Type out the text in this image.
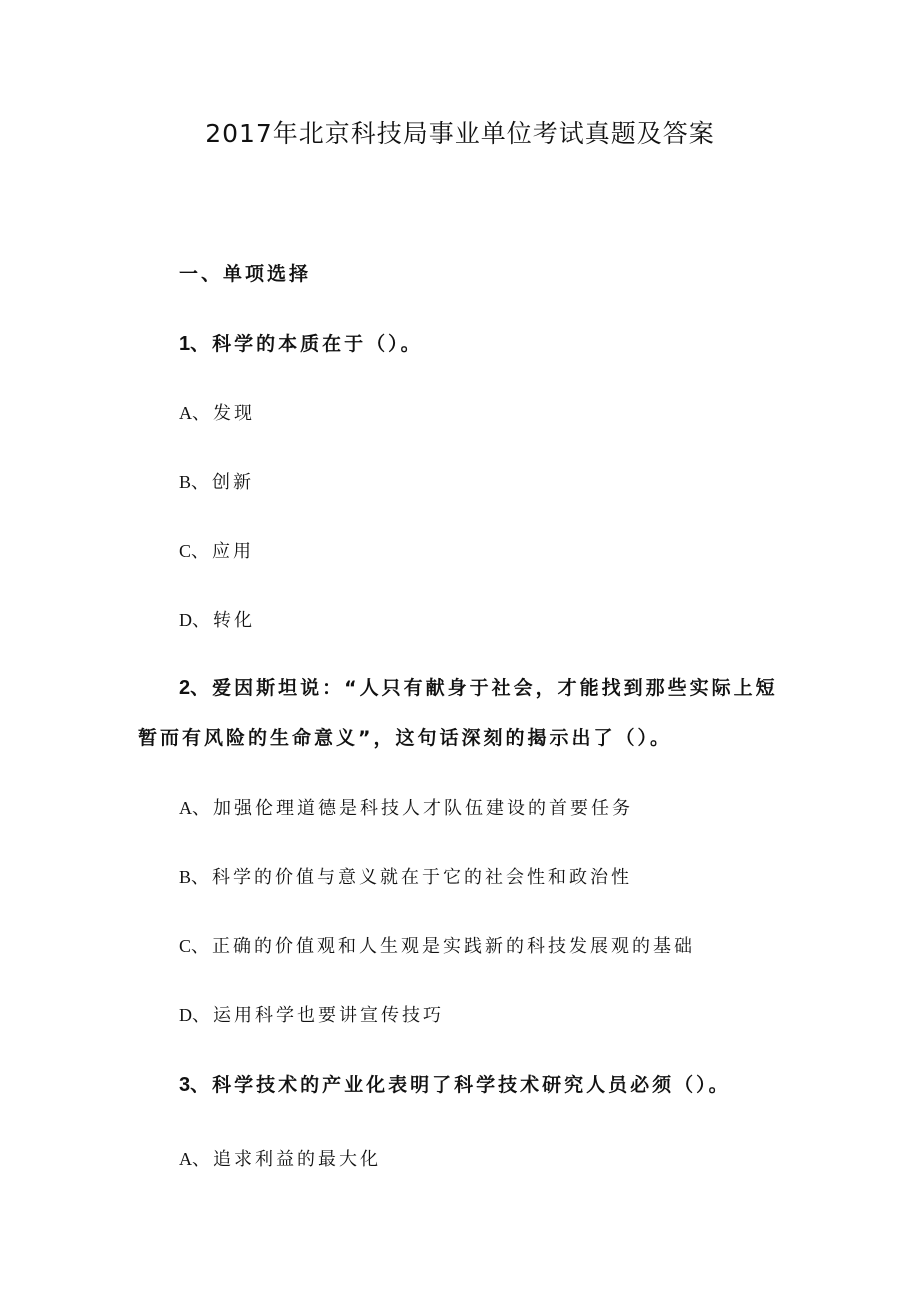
2017年北京科技局事业单位考试真题及答案
一、单项选择

1、科学的本质在于（）。

A、发现

B、创新

C、应用

D、转化

2、爱因斯坦说：“人只有献身于社会，才能找到那些实际上短暂而有风险的生命意义”，这句话深刻的揭示出了（）。

A、加强伦理道德是科技人才队伍建设的首要任务

B、科学的价值与意义就在于它的社会性和政治性

C、正确的价值观和人生观是实践新的科技发展观的基础

D、运用科学也要讲宣传技巧

3、科学技术的产业化表明了科学技术研究人员必须（）。

A、追求利益的最大化
